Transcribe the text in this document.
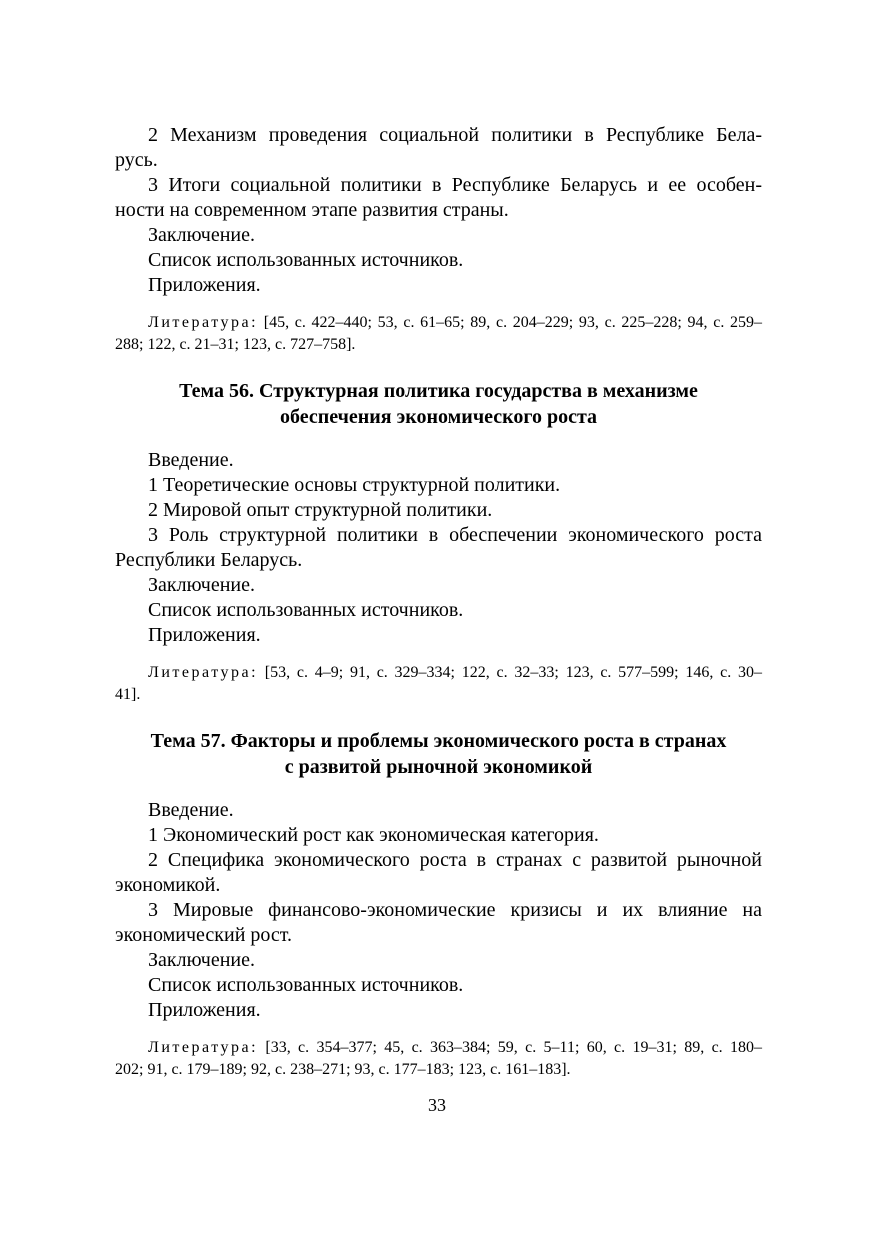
2 Механизм проведения социальной политики в Республике Бела-
русь.
3 Итоги социальной политики в Республике Беларусь и ее особен-
ности на современном этапе развития страны.
Заключение.
Список использованных источников.
Приложения.
Литература: [45, с. 422–440; 53, с. 61–65; 89, с. 204–229; 93, с. 225–228; 94, с. 259–
288; 122, с. 21–31; 123, с. 727–758].
Тема 56. Структурная политика государства в механизме
обеспечения экономического роста
Введение.
1 Теоретические основы структурной политики.
2 Мировой опыт структурной политики.
3 Роль структурной политики в обеспечении экономического роста
Республики Беларусь.
Заключение.
Список использованных источников.
Приложения.
Литература: [53, с. 4–9; 91, с. 329–334; 122, с. 32–33; 123, с. 577–599; 146, с. 30–
41].
Тема 57. Факторы и проблемы экономического роста в странах
с развитой рыночной экономикой
Введение.
1 Экономический рост как экономическая категория.
2 Специфика экономического роста в странах с развитой рыночной
экономикой.
3 Мировые финансово-экономические кризисы и их влияние на
экономический рост.
Заключение.
Список использованных источников.
Приложения.
Литература: [33, с. 354–377; 45, с. 363–384; 59, с. 5–11; 60, с. 19–31; 89, с. 180–
202; 91, с. 179–189; 92, с. 238–271; 93, с. 177–183; 123, с. 161–183].
33
